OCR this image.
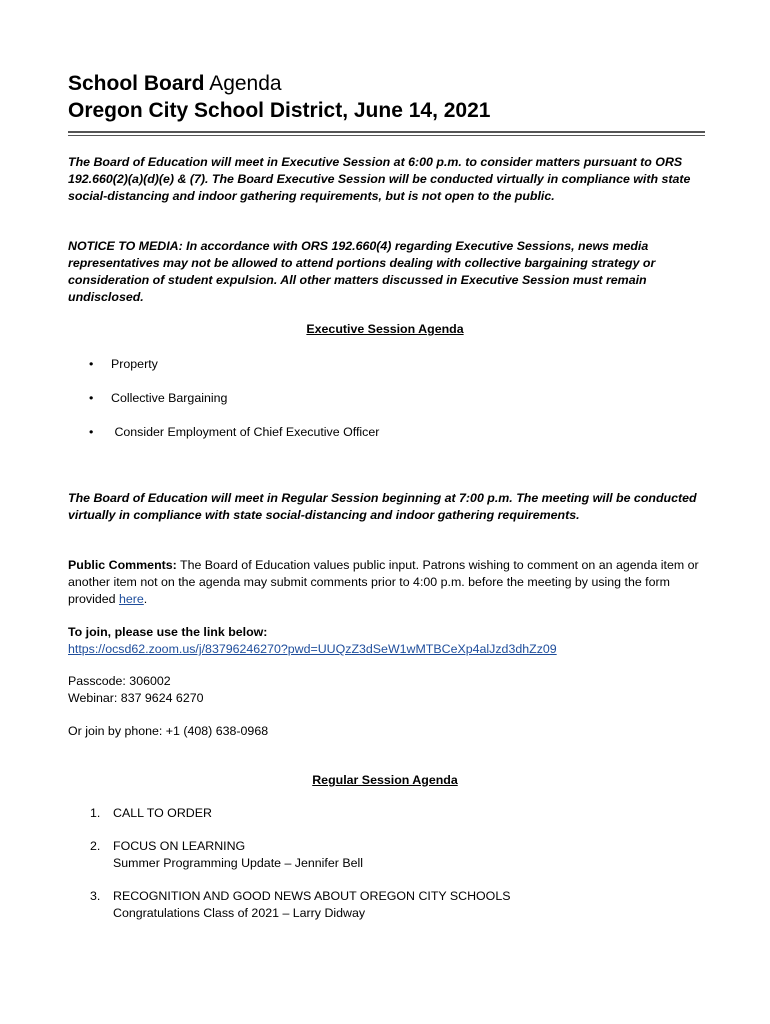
School Board Agenda
Oregon City School District, June 14, 2021

The Board of Education will meet in Executive Session at 6:00 p.m. to consider matters pursuant to ORS 192.660(2)(a)(d)(e) & (7). The Board Executive Session will be conducted virtually in compliance with state social-distancing and indoor gathering requirements, but is not open to the public.

NOTICE TO MEDIA: In accordance with ORS 192.660(4) regarding Executive Sessions, news media representatives may not be allowed to attend portions dealing with collective bargaining strategy or consideration of student expulsion. All other matters discussed in Executive Session must remain undisclosed.

Executive Session Agenda
• Property
• Collective Bargaining
• Consider Employment of Chief Executive Officer

The Board of Education will meet in Regular Session beginning at 7:00 p.m. The meeting will be conducted virtually in compliance with state social-distancing and indoor gathering requirements.

Public Comments: The Board of Education values public input. Patrons wishing to comment on an agenda item or another item not on the agenda may submit comments prior to 4:00 p.m. before the meeting by using the form provided here.

To join, please use the link below:

https://ocsd62.zoom.us/j/83796246270?pwd=UUQzZ3dSeW1wMTBCeXp4alJzd3dhZz09

Passcode: 306002

Webinar: 837 9624 6270

Or join by phone: +1 (408) 638-0968

Regular Session Agenda
1. CALL TO ORDER
2. FOCUS ON LEARNING
Summer Programming Update – Jennifer Bell
3. RECOGNITION AND GOOD NEWS ABOUT OREGON CITY SCHOOLS
Congratulations Class of 2021 – Larry Didway
